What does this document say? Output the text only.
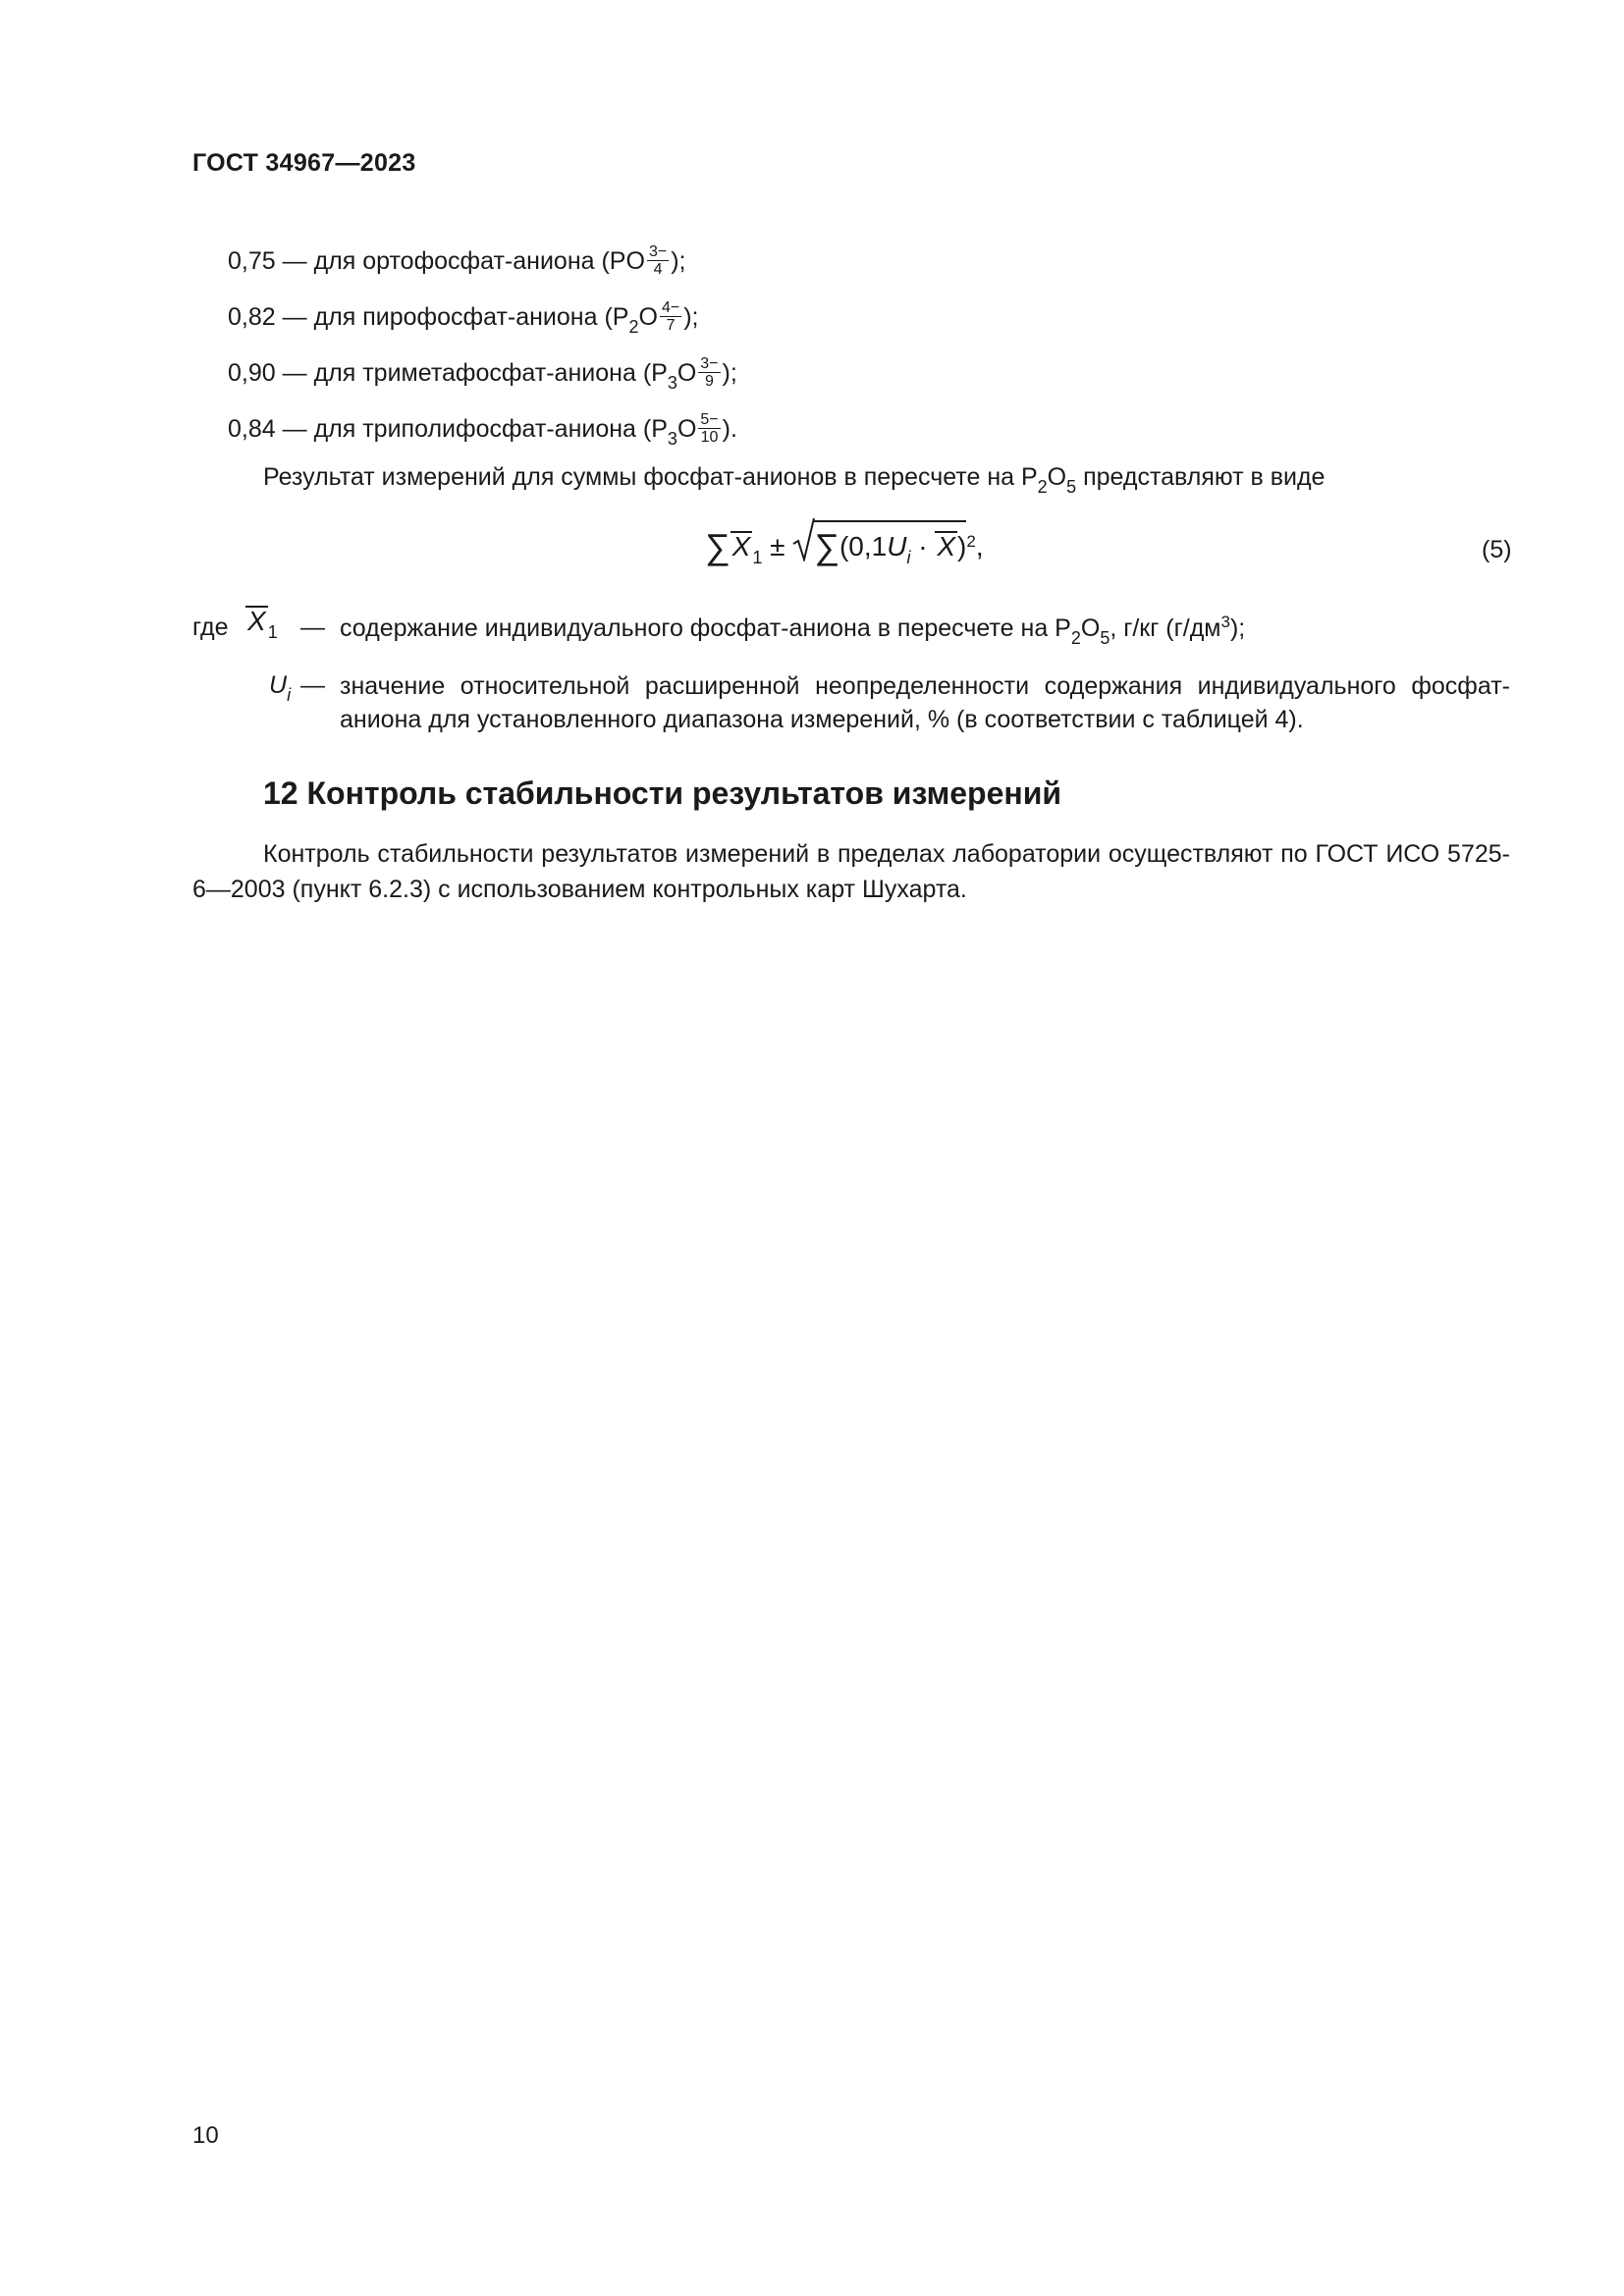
ГОСТ 34967—2023
0,75 — для ортофосфат-аниона ($PO \frac{3-}{4}$ );
0,82 — для пирофосфат-аниона ($P_2O \frac{4-}{7}$ );
0,90 — для триметафосфат-аниона ($P_3O \frac{3-}{9}$ );
0,84 — для триполифосфат-аниона ($P_3O \frac{5-}{10}$ ).
Результат измерений для суммы фосфат-анионов в пересчете на $P_2O_5$ представляют в виде
∑X $_1 \pm \sum(0,1U_i \cdot X)^2$,	(5)
где X $_1$ — содержание индивидуального фосфат-аниона в пересчете на $P_2O_5$, г/кг $(г/дм^3)$;
$U_i$ — значение относительной расширенной неопределенности содержания индивидуального фосфат-аниона для установленного диапазона измерений, % (в соответствии с таблицей 4).
12 Контроль стабильности результатов измерений
Контроль стабильности результатов измерений в пределах лаборатории осуществляют по ГОСТ ИСО 5725-6—2003 (пункт 6.2.3) с использованием контрольных карт Шухарта.
10
